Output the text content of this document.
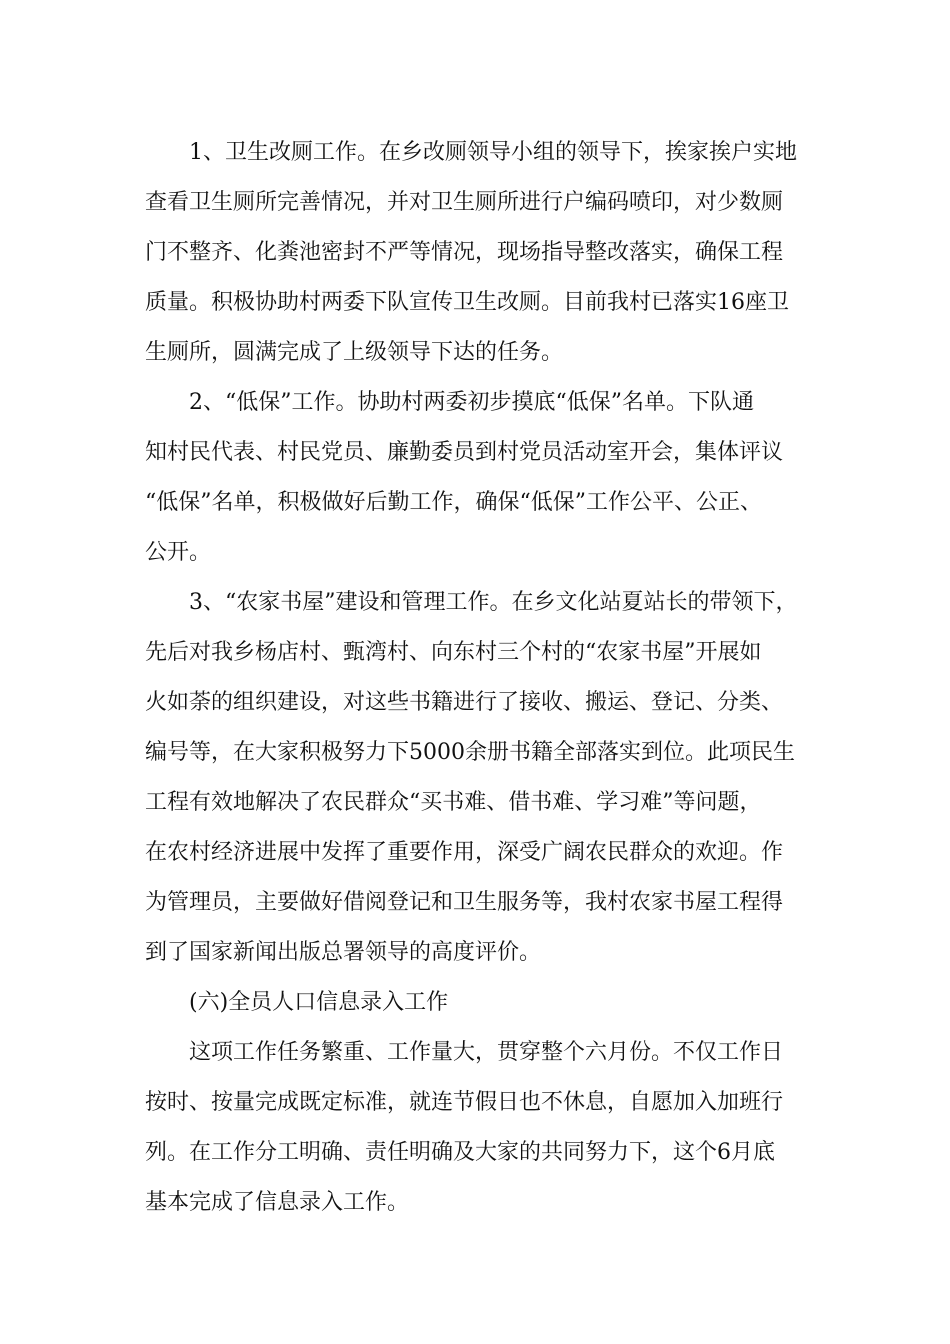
1、卫生改厕工作。在乡改厕领导小组的领导下，挨家挨户实地
查看卫生厕所完善情况，并对卫生厕所进行户编码喷印，对少数厕
门不整齐、化粪池密封不严等情况，现场指导整改落实，确保工程
质量。积极协助村两委下队宣传卫生改厕。目前我村已落实16座卫
生厕所，圆满完成了上级领导下达的任务。

2、“低保”工作。协助村两委初步摸底“低保”名单。下队通
知村民代表、村民党员、廉勤委员到村党员活动室开会，集体评议
“低保”名单，积极做好后勤工作，确保“低保”工作公平、公正、
公开。

3、“农家书屋”建设和管理工作。在乡文化站夏站长的带领下，
先后对我乡杨店村、甄湾村、向东村三个村的“农家书屋”开展如
火如荼的组织建设，对这些书籍进行了接收、搬运、登记、分类、
编号等，在大家积极努力下5000余册书籍全部落实到位。此项民生
工程有效地解决了农民群众“买书难、借书难、学习难”等问题，
在农村经济进展中发挥了重要作用，深受广阔农民群众的欢迎。作
为管理员，主要做好借阅登记和卫生服务等，我村农家书屋工程得
到了国家新闻出版总署领导的高度评价。

(六)全员人口信息录入工作

这项工作任务繁重、工作量大，贯穿整个六月份。不仅工作日
按时、按量完成既定标准，就连节假日也不休息，自愿加入加班行
列。在工作分工明确、责任明确及大家的共同努力下，这个6月底
基本完成了信息录入工作。
